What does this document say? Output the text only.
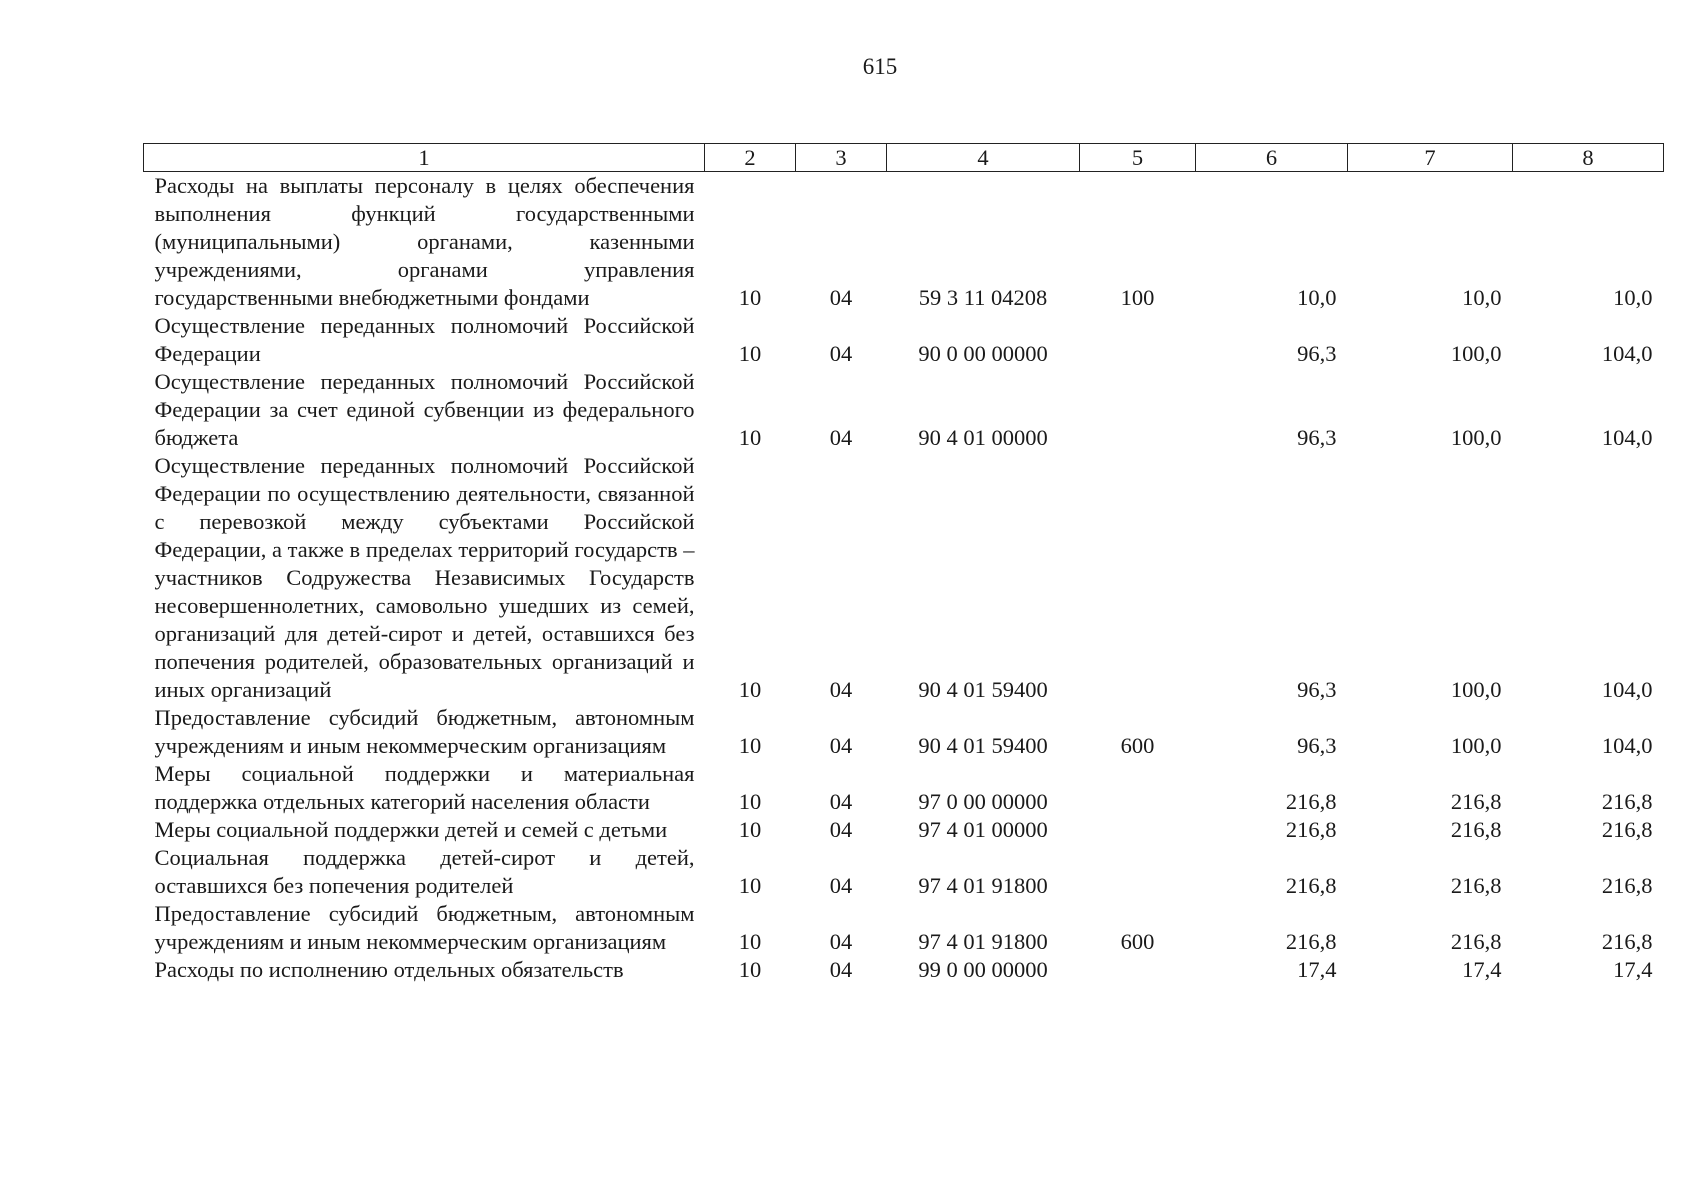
615
1	2	3	4	5	6	7	8
Расходы на выплаты персоналу в целях обеспечения выполнения функций государственными (муниципальными) органами, казенными учреждениями, органами управления государственными внебюджетными фондами	10	04	59 3 11 04208	100	10,0	10,0	10,0
Осуществление переданных полномочий Российской Федерации	10	04	90 0 00 00000		96,3	100,0	104,0
Осуществление переданных полномочий Российской Федерации за счет единой субвенции из федерального бюджета	10	04	90 4 01 00000		96,3	100,0	104,0
Осуществление переданных полномочий Российской Федерации по осуществлению деятельности, связанной с перевозкой между субъектами Российской Федерации, а также в пределах территорий государств – участников Содружества Независимых Государств несовершеннолетних, самовольно ушедших из семей, организаций для детей-сирот и детей, оставшихся без попечения родителей, образовательных организаций и иных организаций	10	04	90 4 01 59400		96,3	100,0	104,0
Предоставление субсидий бюджетным, автономным учреждениям и иным некоммерческим организациям	10	04	90 4 01 59400	600	96,3	100,0	104,0
Меры социальной поддержки и материальная поддержка отдельных категорий населения области	10	04	97 0 00 00000		216,8	216,8	216,8
Меры социальной поддержки детей и семей с детьми	10	04	97 4 01 00000		216,8	216,8	216,8
Социальная поддержка детей-сирот и детей, оставшихся без попечения родителей	10	04	97 4 01 91800		216,8	216,8	216,8
Предоставление субсидий бюджетным, автономным учреждениям и иным некоммерческим организациям	10	04	97 4 01 91800	600	216,8	216,8	216,8
Расходы по исполнению отдельных обязательств	10	04	99 0 00 00000		17,4	17,4	17,4
